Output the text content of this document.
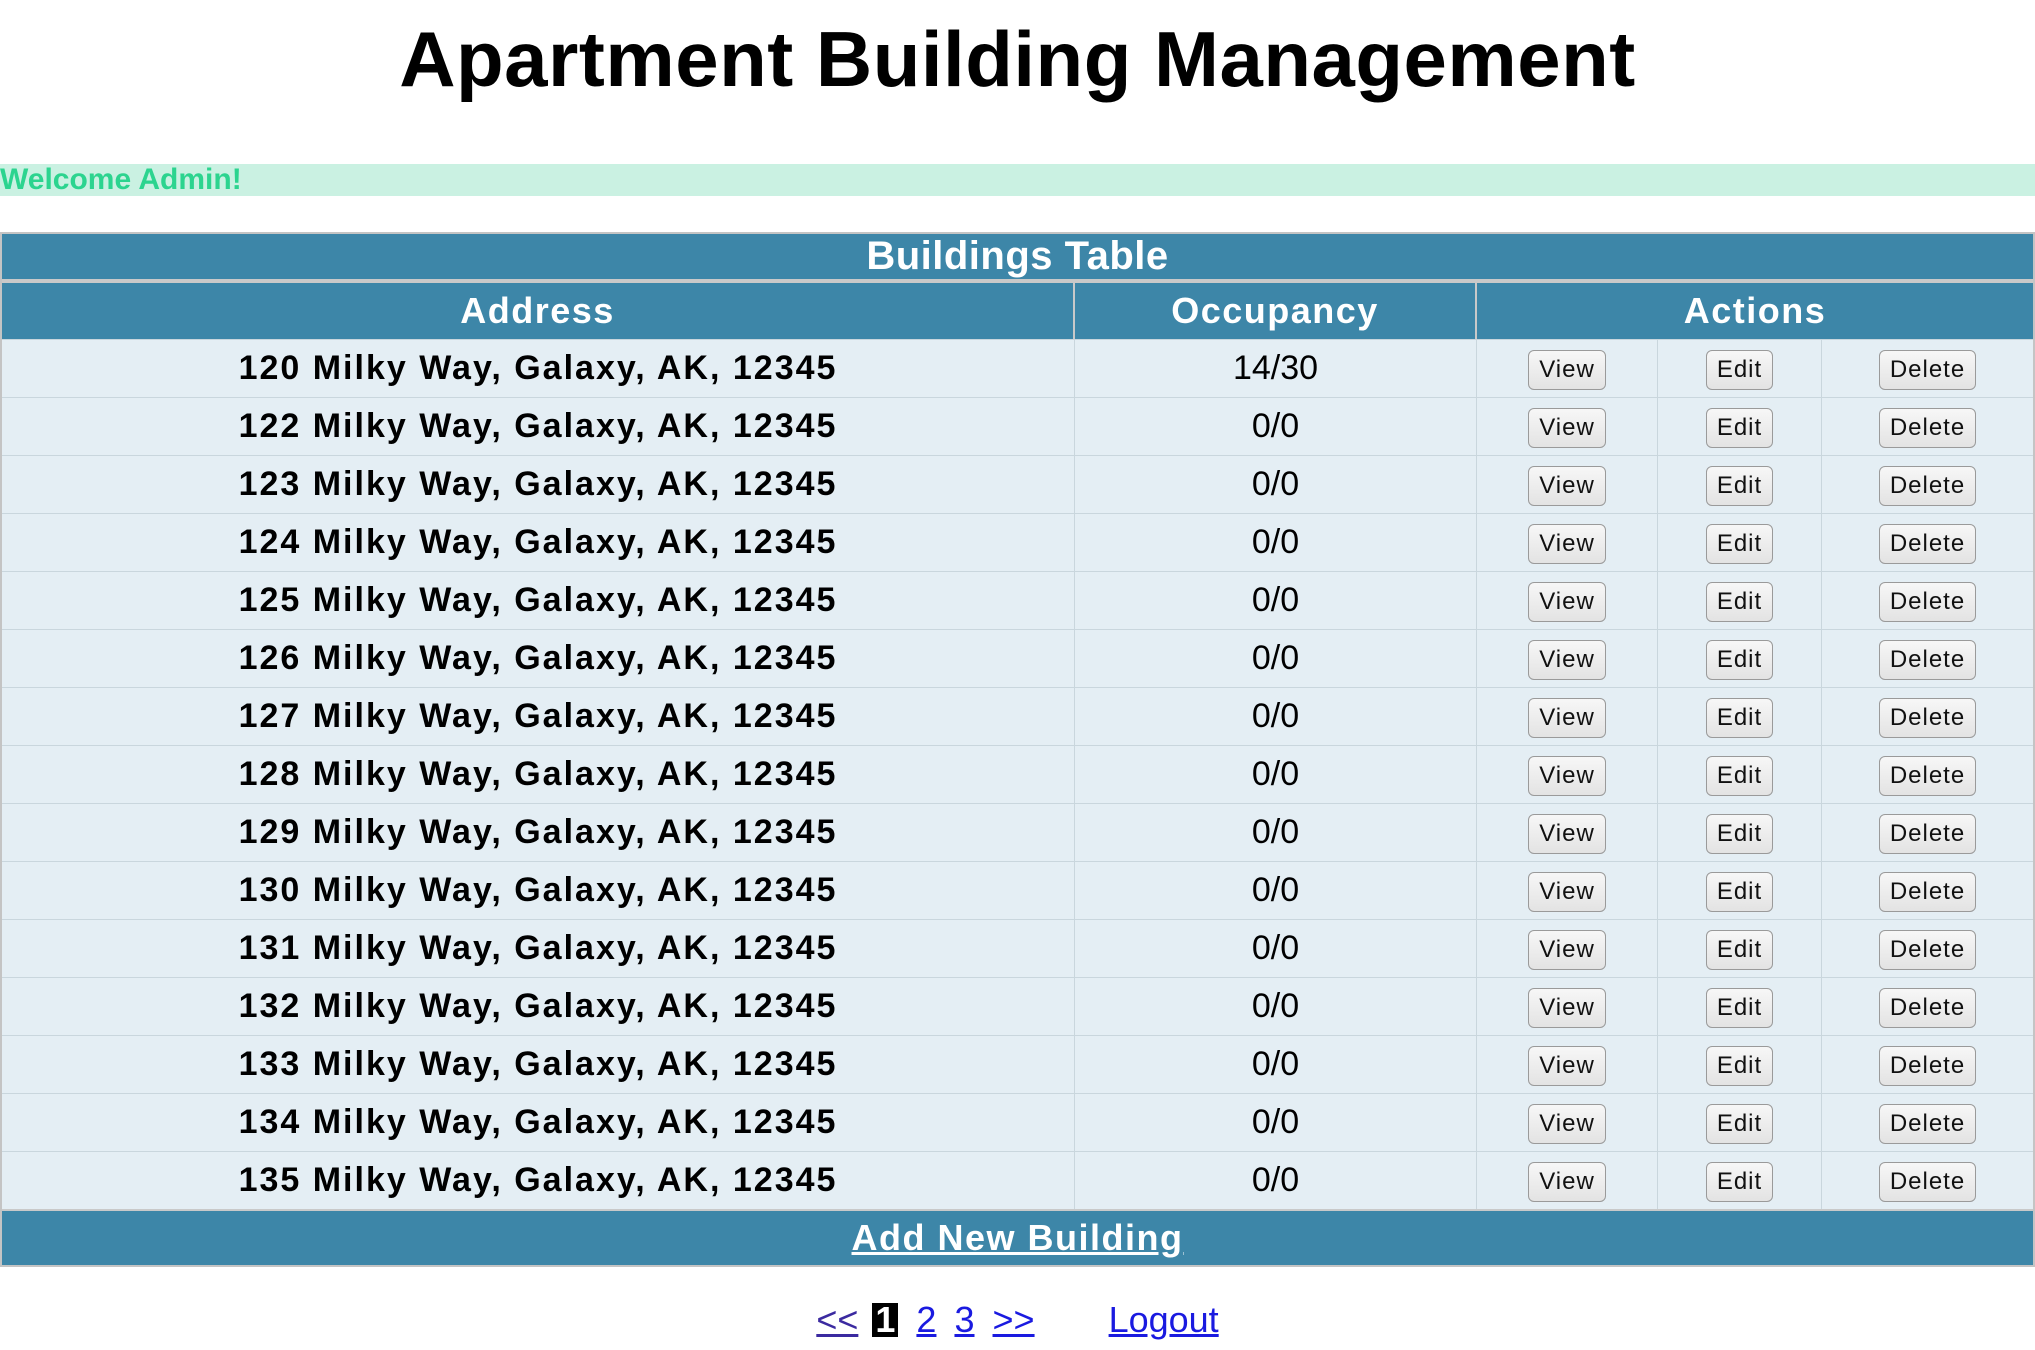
Apartment Building Management
Welcome Admin!
Buildings Table				
Address	Occupancy	Actions		
120 Milky Way, Galaxy, AK, 12345	14/30	View	Edit	Delete
122 Milky Way, Galaxy, AK, 12345	0/0	View	Edit	Delete
123 Milky Way, Galaxy, AK, 12345	0/0	View	Edit	Delete
124 Milky Way, Galaxy, AK, 12345	0/0	View	Edit	Delete
125 Milky Way, Galaxy, AK, 12345	0/0	View	Edit	Delete
126 Milky Way, Galaxy, AK, 12345	0/0	View	Edit	Delete
127 Milky Way, Galaxy, AK, 12345	0/0	View	Edit	Delete
128 Milky Way, Galaxy, AK, 12345	0/0	View	Edit	Delete
129 Milky Way, Galaxy, AK, 12345	0/0	View	Edit	Delete
130 Milky Way, Galaxy, AK, 12345	0/0	View	Edit	Delete
131 Milky Way, Galaxy, AK, 12345	0/0	View	Edit	Delete
132 Milky Way, Galaxy, AK, 12345	0/0	View	Edit	Delete
133 Milky Way, Galaxy, AK, 12345	0/0	View	Edit	Delete
134 Milky Way, Galaxy, AK, 12345	0/0	View	Edit	Delete
135 Milky Way, Galaxy, AK, 12345	0/0	View	Edit	Delete
Add New Building				
<< 1 2 3 >> Logout
